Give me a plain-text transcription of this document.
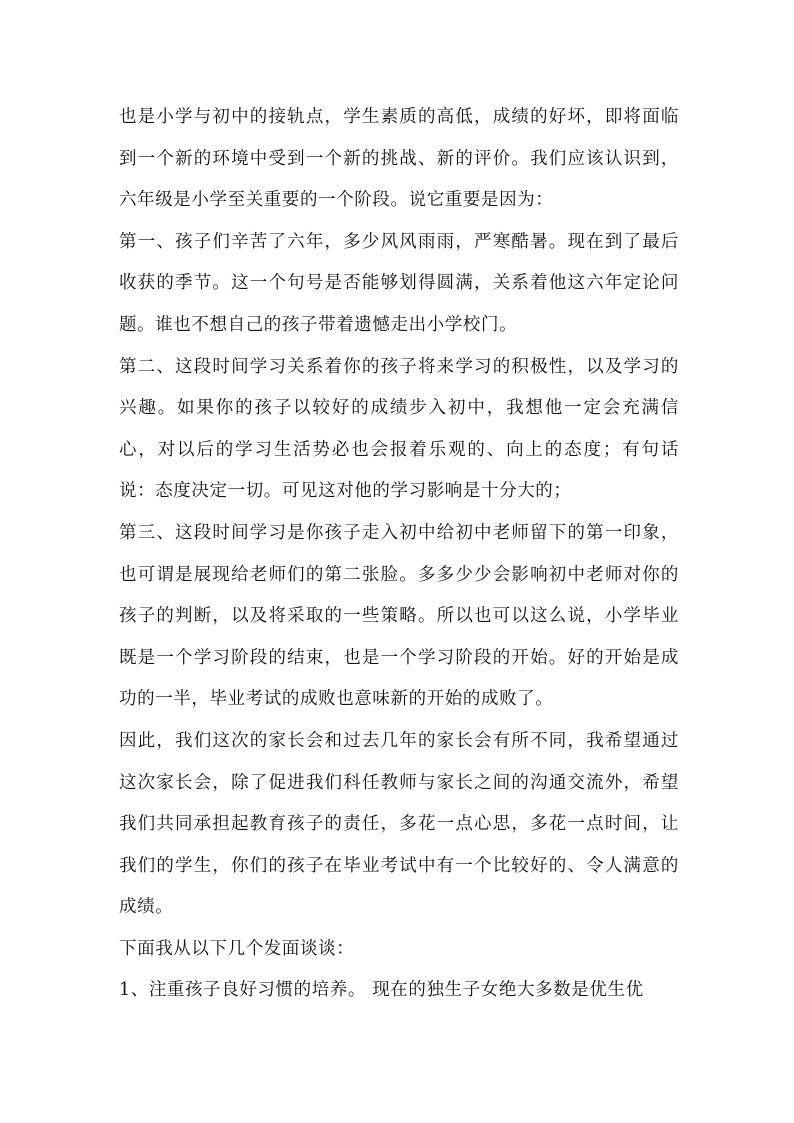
也是小学与初中的接轨点，学生素质的高低，成绩的好坏，即将面临到一个新的环境中受到一个新的挑战、新的评价。我们应该认识到，六年级是小学至关重要的一个阶段。说它重要是因为：

第一、孩子们辛苦了六年，多少风风雨雨，严寒酷暑。现在到了最后收获的季节。这一个句号是否能够划得圆满，关系着他这六年定论问题。谁也不想自己的孩子带着遗憾走出小学校门。

第二、这段时间学习关系着你的孩子将来学习的积极性，以及学习的兴趣。如果你的孩子以较好的成绩步入初中，我想他一定会充满信心，对以后的学习生活势必也会报着乐观的、向上的态度；有句话说：态度决定一切。可见这对他的学习影响是十分大的；

第三、这段时间学习是你孩子走入初中给初中老师留下的第一印象，也可谓是展现给老师们的第二张脸。多多少少会影响初中老师对你的孩子的判断，以及将采取的一些策略。所以也可以这么说，小学毕业既是一个学习阶段的结束，也是一个学习阶段的开始。好的开始是成功的一半，毕业考试的成败也意味新的开始的成败了。

因此，我们这次的家长会和过去几年的家长会有所不同，我希望通过这次家长会，除了促进我们科任教师与家长之间的沟通交流外，希望我们共同承担起教育孩子的责任，多花一点心思，多花一点时间，让我们的学生，你们的孩子在毕业考试中有一个比较好的、令人满意的成绩。

下面我从以下几个发面谈谈：

1、注重孩子良好习惯的培养。 现在的独生子女绝大多数是优生优
